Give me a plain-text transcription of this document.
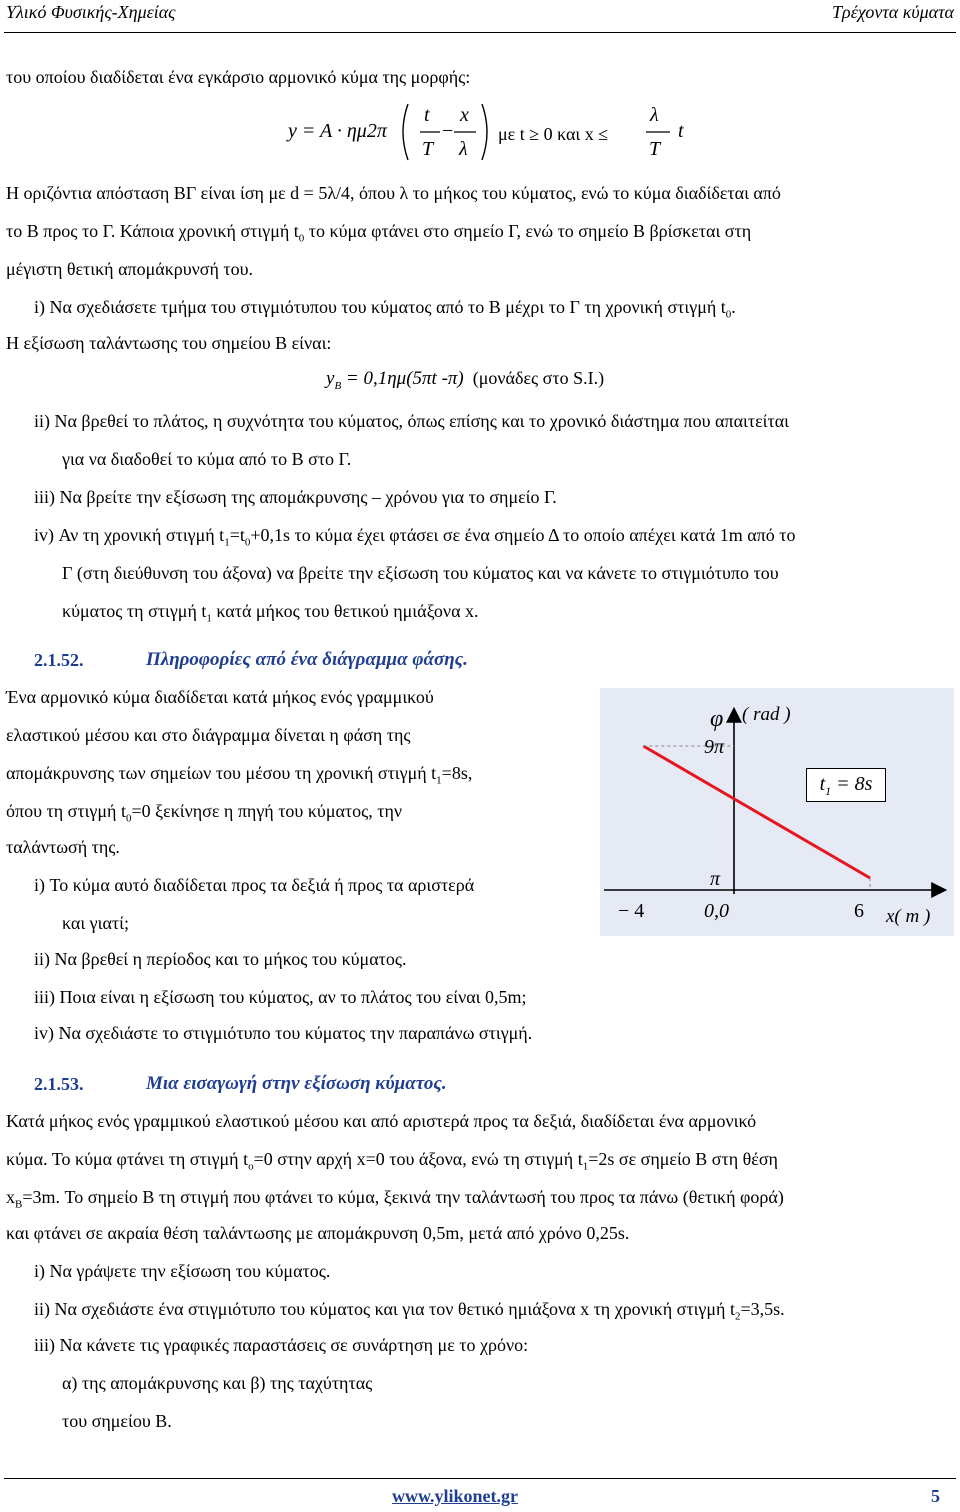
Υλικό Φυσικής-Χημείας	Τρέχοντα κύματα
του οποίου διαδίδεται ένα εγκάρσιο αρμονικό κύμα της μορφής:
y = A · ημ2π
t
T
−
x
λ
με t ≥ 0 και x ≤
λ
T
t
Η οριζόντια απόσταση ΒΓ είναι ίση με d = 5λ/4, όπου λ το μήκος του κύματος, ενώ το κύμα διαδίδεται από
το Β προς το Γ. Κάποια χρονική στιγμή $t_0$ το κύμα φτάνει στο σημείο Γ, ενώ το σημείο Β βρίσκεται στη
μέγιστη θετική απομάκρυνσή του.
i) Να σχεδιάσετε τμήμα του στιγμιότυπου του κύματος από το Β μέχρι το Γ τη χρονική στιγμή $t_0$.
Η εξίσωση ταλάντωσης του σημείου Β είναι:
$y_B = 0,1\eta\mu(5\pi t$ -π) (μονάδες στο S.I.)
ii) Να βρεθεί το πλάτος, η συχνότητα του κύματος, όπως επίσης και το χρονικό διάστημα που απαιτείται
για να διαδοθεί το κύμα από το Β στο Γ.
iii) Να βρείτε την εξίσωση της απομάκρυνσης – χρόνου για το σημείο Γ.
iv) Αν τη χρονική στιγμή $t_1=t_0+0,1s$ το κύμα έχει φτάσει σε ένα σημείο Δ το οποίο απέχει κατά 1m από το
Γ (στη διεύθυνση του άξονα) να βρείτε την εξίσωση του κύματος και να κάνετε το στιγμιότυπο του
κύματος τη στιγμή $t_1$ κατά μήκος του θετικού ημιάξονα x.
2.1.52.	Πληροφορίες από ένα διάγραμμα φάσης.
Ένα αρμονικό κύμα διαδίδεται κατά μήκος ενός γραμμικού
ελαστικού μέσου και στο διάγραμμα δίνεται η φάση της
απομάκρυνσης των σημείων του μέσου τη χρονική στιγμή $t_1=8s$,
όπου τη στιγμή $t_0=0$ ξεκίνησε η πηγή του κύματος, την
ταλάντωσή της.
i) Το κύμα αυτό διαδίδεται προς τα δεξιά ή προς τα αριστερά
και γιατί;
ii) Να βρεθεί η περίοδος και το μήκος του κύματος.
iii) Ποια είναι η εξίσωση του κύματος, αν το πλάτος του είναι 0,5m;
iv) Να σχεδιάστε το στιγμιότυπο του κύματος την παραπάνω στιγμή.
φ ( rad )
9π
π
− 4	0,0	6 x( m )
$t_1 = 8s$
2.1.53.	Μια εισαγωγή στην εξίσωση κύματος.
Κατά μήκος ενός γραμμικού ελαστικού μέσου και από αριστερά προς τα δεξιά, διαδίδεται ένα αρμονικό
κύμα. Το κύμα φτάνει τη στιγμή $t_o=0$ στην αρχή x=0 του άξονα, ενώ τη στιγμή $t_1=2s$ σε σημείο Β στη θέση
$x_B=3m$. Το σημείο Β τη στιγμή που φτάνει το κύμα, ξεκινά την ταλάντωσή του προς τα πάνω (θετική φορά)
και φτάνει σε ακραία θέση ταλάντωσης με απομάκρυνση 0,5m, μετά από χρόνο 0,25s.
i) Να γράψετε την εξίσωση του κύματος.
ii) Να σχεδιάστε ένα στιγμιότυπο του κύματος και για τον θετικό ημιάξονα x τη χρονική στιγμή $t_2=3,5s$.
iii) Να κάνετε τις γραφικές παραστάσεις σε συνάρτηση με το χρόνο:
α) της απομάκρυνσης και β) της ταχύτητας
του σημείου Β.
www.ylikonet.gr	5
